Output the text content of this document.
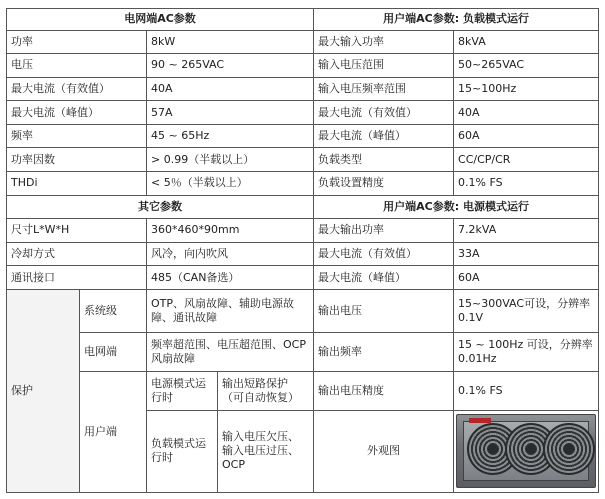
电网端AC参数				用户端AC参数: 负载模式运行	
功率		8kW		最大输入功率	8kVA
电压		90 ~ 265VAC		输入电压范围	50~265VAC
最大电流（有效值）		40A		输入电压频率范围	15~100Hz
最大电流（峰值）		57A		最大电流（有效值）	40A
频率		45 ~ 65Hz		最大电流（峰值）	60A
功率因数		> 0.99（半载以上）		负载类型	CC/CP/CR
THDi		< 5％（半载以上）		负载设置精度	0.1% FS
其它参数				用户端AC参数: 电源模式运行	
尺寸L*W*H		360*460*90mm		最大输出功率	7.2kVA
冷却方式		风冷，向内吹风		最大电流（有效值）	33A
通讯接口		485（CAN备选）		最大电流（峰值）	60A
保护	系统级	OTP、风扇故障、辅助电源故障、通讯故障		输出电压	15~300VAC可设，分辨率 0.1V
	电网端	频率超范围、电压超范围、OCP风扇故障		输出频率	15 ~ 100Hz 可设，分辨率 0.01Hz
	用户端	电源模式运行时	输出短路保护（可自动恢复）	输出电压精度	0.1% FS
		负载模式运行时	输入电压欠压、输入电压过压、OCP	外观图	
